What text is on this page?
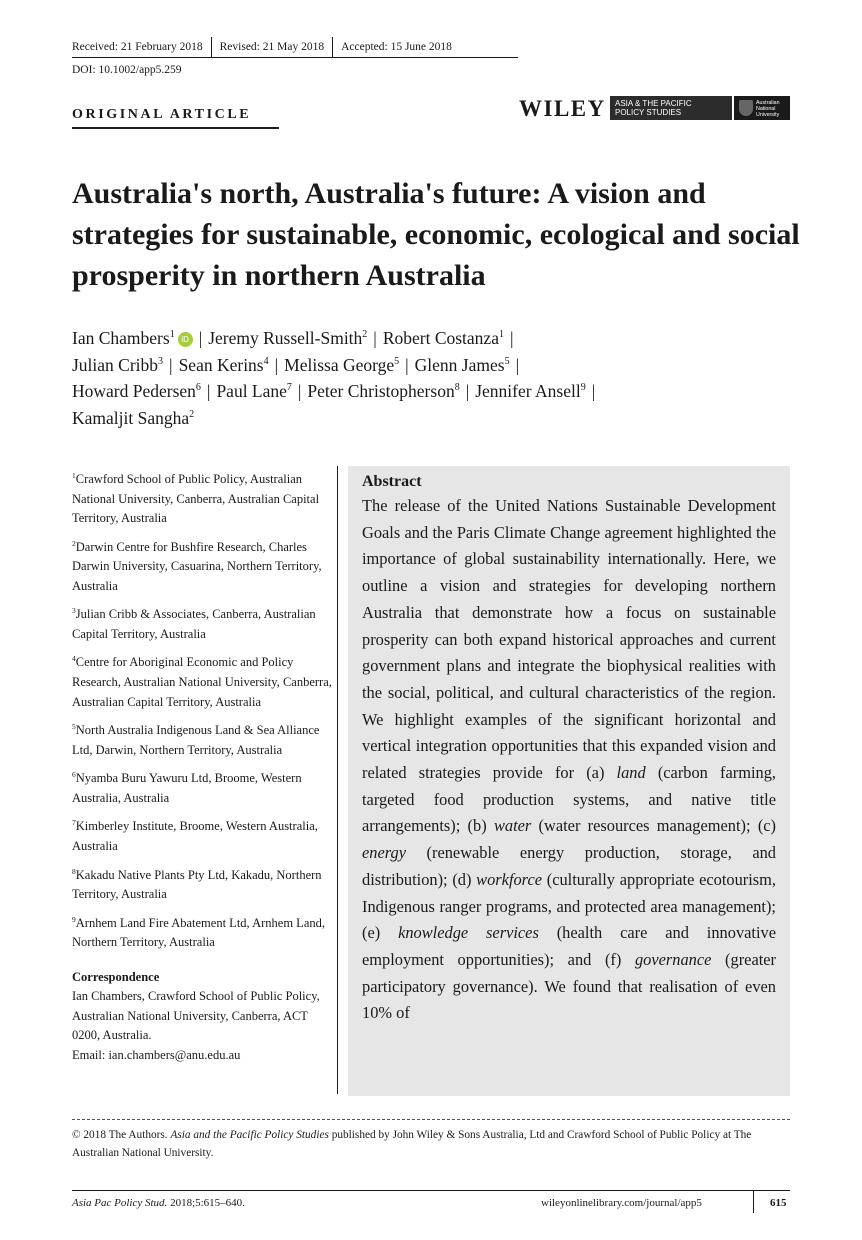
Received: 21 February 2018 Revised: 21 May 2018 Accepted: 15 June 2018
DOI: 10.1002/app5.259
ORIGINAL ARTICLE	WILEY ASIA & THE PACIFIC
POLICY STUDIES
Australian
National
University
Australia's north, Australia's future: A vision and strategies for sustainable, economic, ecological and social prosperity in northern Australia
Ian Chambers$^1$ iD | Jeremy Russell-Smith$^2$ | Robert Costanza$^1$ |
Julian Cribb$^3$ | Sean Kerins$^4$ | Melissa George$^5$ | Glenn James$^5$ |
Howard Pedersen$^6$ | Paul Lane$^7$ | Peter Christopherson$^8$ | Jennifer Ansell$^9$ |
Kamaljit Sangha$^2$
$^1$Crawford School of Public Policy, Australian National University, Canberra, Australian Capital Territory, Australia
$^2$Darwin Centre for Bushfire Research, Charles Darwin University, Casuarina, Northern Territory, Australia
$^3$Julian Cribb & Associates, Canberra, Australian Capital Territory, Australia
$^4$Centre for Aboriginal Economic and Policy Research, Australian National University, Canberra, Australian Capital Territory, Australia
$^5$North Australia Indigenous Land & Sea Alliance Ltd, Darwin, Northern Territory, Australia
$^6$Nyamba Buru Yawuru Ltd, Broome, Western Australia, Australia
$^7$Kimberley Institute, Broome, Western Australia, Australia
$^8$Kakadu Native Plants Pty Ltd, Kakadu, Northern Territory, Australia
$^9$Arnhem Land Fire Abatement Ltd, Arnhem Land, Northern Territory, Australia
Correspondence
Ian Chambers, Crawford School of Public Policy, Australian National University, Canberra, ACT 0200, Australia.
Email: ian.chambers@anu.edu.au
Abstract
The release of the United Nations Sustainable Development Goals and the Paris Climate Change agreement highlighted the importance of global sustainability internationally. Here, we outline a vision and strategies for developing northern Australia that demonstrate how a focus on sustainable prosperity can both expand historical approaches and current government plans and integrate the biophysical realities with the social, political, and cultural characteristics of the region. We highlight examples of the significant horizontal and vertical integration opportunities that this expanded vision and related strategies provide for (a) land (carbon farming, targeted food production systems, and native title arrangements); (b) water (water resources management); (c) energy (renewable energy production, storage, and distribution); (d) workforce (culturally appropriate ecotourism, Indigenous ranger programs, and protected area management); (e) knowledge services (health care and innovative employment opportunities); and (f) governance (greater participatory governance). We found that realisation of even 10% of
© 2018 The Authors. Asia and the Pacific Policy Studies published by John Wiley & Sons Australia, Ltd and Crawford School of Public Policy at The Australian National University.
Asia Pac Policy Stud. 2018;5:615–640.	wileyonlinelibrary.com/journal/app5	615
